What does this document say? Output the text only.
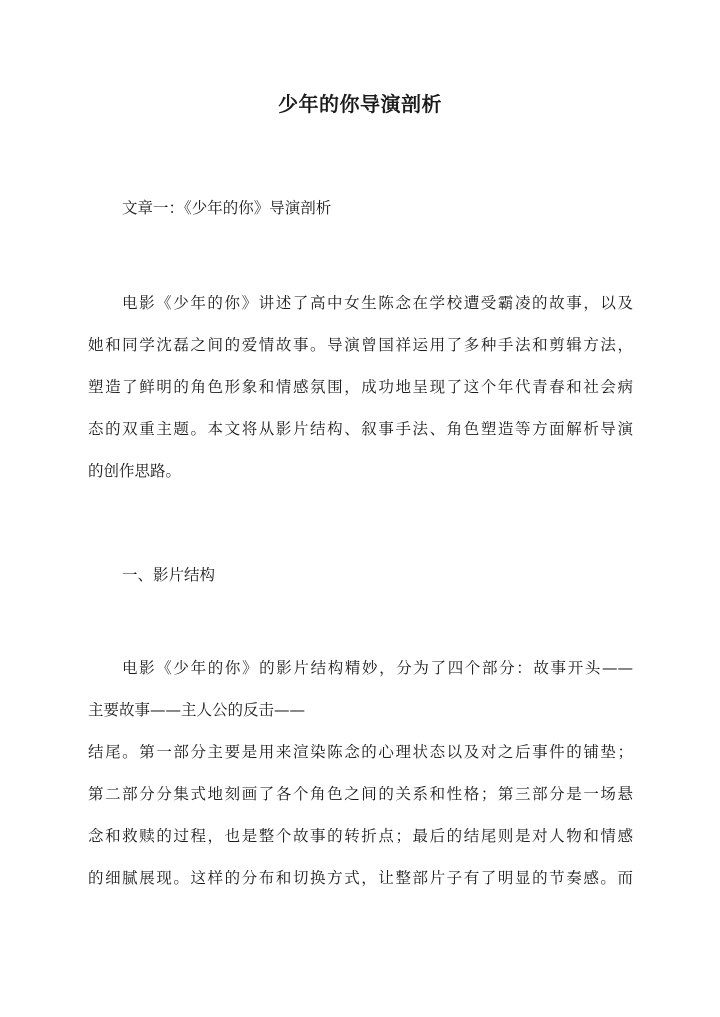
少年的你导演剖析

文章一：《少年的你》导演剖析

电影《少年的你》讲述了高中女生陈念在学校遭受霸凌的故事，以及

她和同学沈磊之间的爱情故事。导演曾国祥运用了多种手法和剪辑方法，

塑造了鲜明的角色形象和情感氛围，成功地呈现了这个年代青春和社会病

态的双重主题。本文将从影片结构、叙事手法、角色塑造等方面解析导演

的创作思路。

一、影片结构

电影《少年的你》的影片结构精妙，分为了四个部分：故事开头——

主要故事——主人公的反击——

结尾。第一部分主要是用来渲染陈念的心理状态以及对之后事件的铺垫；

第二部分分集式地刻画了各个角色之间的关系和性格；第三部分是一场悬

念和救赎的过程，也是整个故事的转折点；最后的结尾则是对人物和情感

的细腻展现。这样的分布和切换方式，让整部片子有了明显的节奏感。而
